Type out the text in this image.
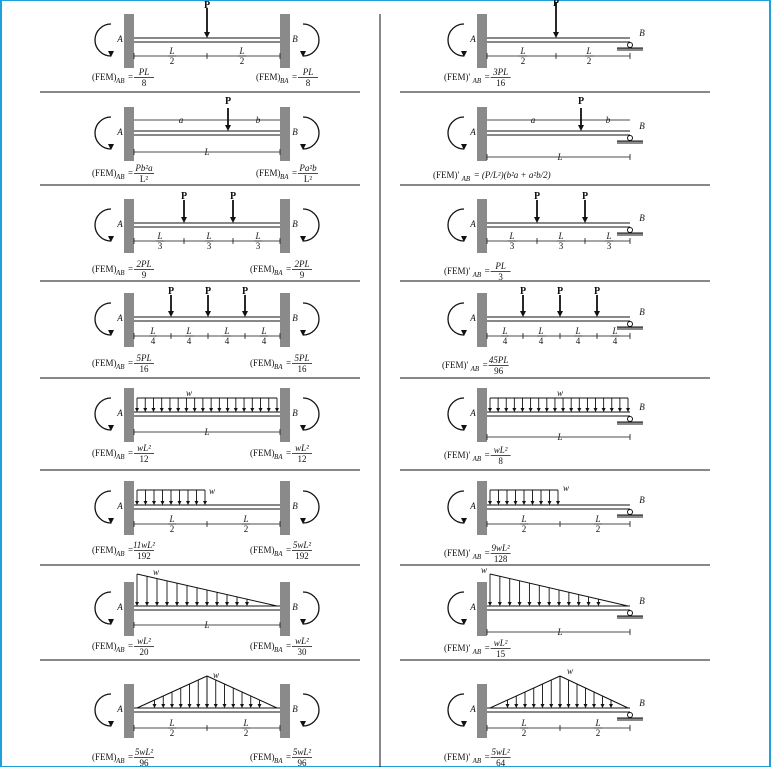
A	B
P
L
2
L
2
(FEM) AB = PL
8
(FEM) BA = PL
8
A
B
P
L
2
L
2
(FEM)' AB = 3PL
16
A	B
P
a	b
L
(FEM) AB = Pb²a
L²
(FEM) BA = Pa²b
L²
A
B
P
a	b
L
(FEM)' AB = (P/L²)(b²a + a²b/2)
A	B
P	P
L
3
L
3
L
3
(FEM) AB = 2PL
9
(FEM) BA = 2PL
9
A
B
P	P
L
3
L
3
L
3
(FEM)' AB = PL
3
A	B
P	P	P
L
4
L
4
L
4
L
4
(FEM) AB = 5PL
16
(FEM) BA = 5PL
16
A
B
P	P	P
L
4
L
4
L
4
L
4
(FEM)' AB = 45PL
96
A	B
w
L
(FEM) AB = wL²
12
(FEM) BA = wL²
12
A
B
w
L
(FEM)' AB = wL²
8
A	B
w
L
2
L
2
(FEM) AB = 11wL²
192
(FEM) BA = 5wL²
192
A
B
w
L
2
L
2
(FEM)' AB = 9wL²
128
A	B
w
L
(FEM) AB = wL²
20
(FEM) BA = wL²
30
A
B
w
L
(FEM)' AB = wL²
15
A	B
w
L
2
L
2
(FEM) AB = 5wL²
96
(FEM) BA = 5wL²
96
A
B
w
L
2
L
2
(FEM)' AB = 5wL²
64
